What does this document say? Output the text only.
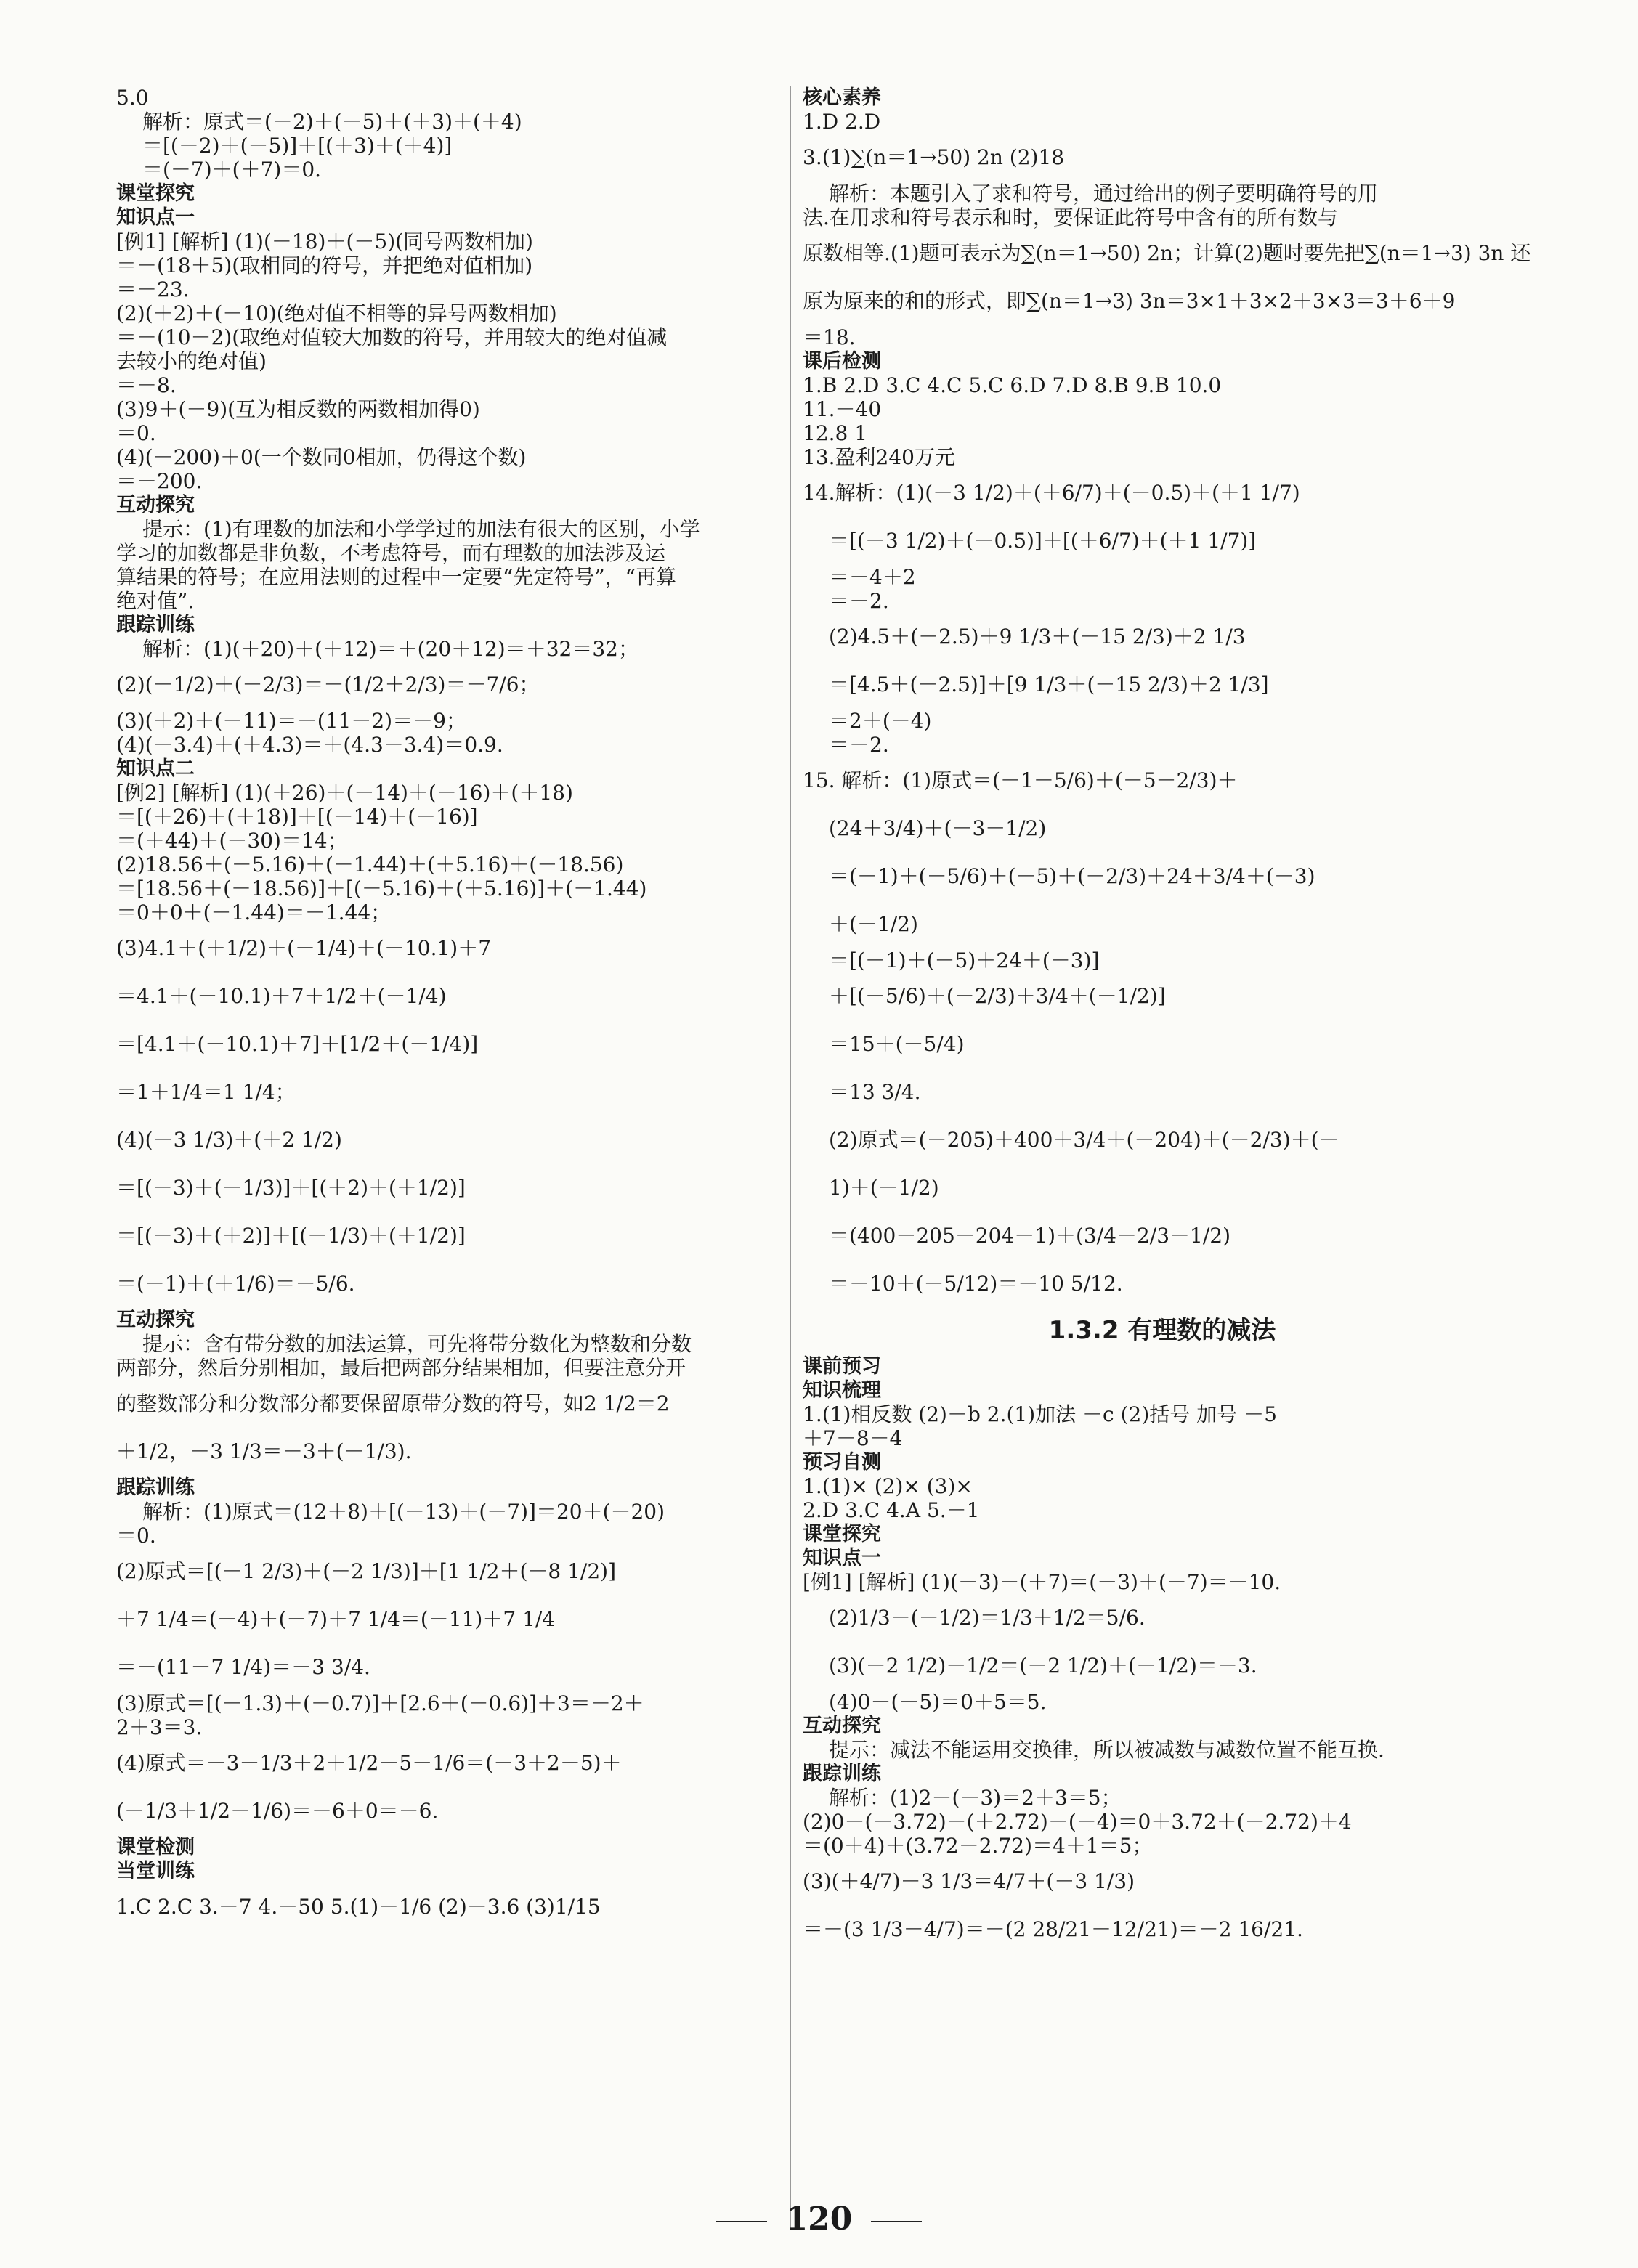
5.0
解析：原式＝(－2)＋(－5)＋(＋3)＋(＋4)
＝[(－2)＋(－5)]＋[(＋3)＋(＋4)]
＝(－7)＋(＋7)＝0.
课堂探究
知识点一
[例1] [解析] (1)(－18)＋(－5)(同号两数相加)
＝－(18＋5)(取相同的符号，并把绝对值相加)
＝－23.
(2)(＋2)＋(－10)(绝对值不相等的异号两数相加)
＝－(10－2)(取绝对值较大加数的符号，并用较大的绝对值减
去较小的绝对值)
＝－8.
(3)9＋(－9)(互为相反数的两数相加得0)
＝0.
(4)(－200)＋0(一个数同0相加，仍得这个数)
＝－200.
互动探究
提示：(1)有理数的加法和小学学过的加法有很大的区别，小学
学习的加数都是非负数，不考虑符号，而有理数的加法涉及运
算结果的符号；在应用法则的过程中一定要“先定符号”，“再算
绝对值”.
跟踪训练
解析：(1)(＋20)＋(＋12)＝＋(20＋12)＝＋32＝32；
(2)(－1/2)＋(－2/3)＝－(1/2＋2/3)＝－7/6；
(3)(＋2)＋(－11)＝－(11－2)＝－9；
(4)(－3.4)＋(＋4.3)＝＋(4.3－3.4)＝0.9.
知识点二
[例2] [解析] (1)(＋26)＋(－14)＋(－16)＋(＋18)
＝[(＋26)＋(＋18)]＋[(－14)＋(－16)]
＝(＋44)＋(－30)＝14；
(2)18.56＋(－5.16)＋(－1.44)＋(＋5.16)＋(－18.56)
＝[18.56＋(－18.56)]＋[(－5.16)＋(＋5.16)]＋(－1.44)
＝0＋0＋(－1.44)＝－1.44；
(3)4.1＋(＋1/2)＋(－1/4)＋(－10.1)＋7
＝4.1＋(－10.1)＋7＋1/2＋(－1/4)
＝[4.1＋(－10.1)＋7]＋[1/2＋(－1/4)]
＝1＋1/4＝1 1/4；
(4)(－3 1/3)＋(＋2 1/2)
＝[(－3)＋(－1/3)]＋[(＋2)＋(＋1/2)]
＝[(－3)＋(＋2)]＋[(－1/3)＋(＋1/2)]
＝(－1)＋(＋1/6)＝－5/6.
互动探究
提示：含有带分数的加法运算，可先将带分数化为整数和分数
两部分，然后分别相加，最后把两部分结果相加，但要注意分开
的整数部分和分数部分都要保留原带分数的符号，如2 1/2＝2
＋1/2，－3 1/3＝－3＋(－1/3).
跟踪训练
解析：(1)原式＝(12＋8)＋[(－13)＋(－7)]＝20＋(－20)
＝0.
(2)原式＝[(－1 2/3)＋(－2 1/3)]＋[1 1/2＋(－8 1/2)]
＋7 1/4＝(－4)＋(－7)＋7 1/4＝(－11)＋7 1/4
＝－(11－7 1/4)＝－3 3/4.
(3)原式＝[(－1.3)＋(－0.7)]＋[2.6＋(－0.6)]＋3＝－2＋
2＋3＝3.
(4)原式＝－3－1/3＋2＋1/2－5－1/6＝(－3＋2－5)＋
(－1/3＋1/2－1/6)＝－6＋0＝－6.
课堂检测
当堂训练
1.C 2.C 3.－7 4.－50 5.(1)－1/6 (2)－3.6 (3)1/15
核心素养
1.D 2.D
3.(1)∑(n＝1→50) 2n (2)18
解析：本题引入了求和符号，通过给出的例子要明确符号的用
法.在用求和符号表示和时，要保证此符号中含有的所有数与
原数相等.(1)题可表示为∑(n＝1→50) 2n；计算(2)题时要先把∑(n＝1→3) 3n 还
原为原来的和的形式，即∑(n＝1→3) 3n＝3×1＋3×2＋3×3＝3＋6＋9
＝18.
课后检测
1.B 2.D 3.C 4.C 5.C 6.D 7.D 8.B 9.B 10.0
11.－40
12.8 1
13.盈利240万元
14.解析：(1)(－3 1/2)＋(＋6/7)＋(－0.5)＋(＋1 1/7)
＝[(－3 1/2)＋(－0.5)]＋[(＋6/7)＋(＋1 1/7)]
＝－4＋2
＝－2.
(2)4.5＋(－2.5)＋9 1/3＋(－15 2/3)＋2 1/3
＝[4.5＋(－2.5)]＋[9 1/3＋(－15 2/3)＋2 1/3]
＝2＋(－4)
＝－2.
15. 解析：(1)原式＝(－1－5/6)＋(－5－2/3)＋
(24＋3/4)＋(－3－1/2)
＝(－1)＋(－5/6)＋(－5)＋(－2/3)＋24＋3/4＋(－3)
＋(－1/2)
＝[(－1)＋(－5)＋24＋(－3)]
＋[(－5/6)＋(－2/3)＋3/4＋(－1/2)]
＝15＋(－5/4)
＝13 3/4.
(2)原式＝(－205)＋400＋3/4＋(－204)＋(－2/3)＋(－
1)＋(－1/2)
＝(400－205－204－1)＋(3/4－2/3－1/2)
＝－10＋(－5/12)＝－10 5/12.
1.3.2 有理数的减法
课前预习
知识梳理
1.(1)相反数 (2)－b 2.(1)加法 －c (2)括号 加号 －5
＋7－8－4
预习自测
1.(1)× (2)× (3)×
2.D 3.C 4.A 5.－1
课堂探究
知识点一
[例1] [解析] (1)(－3)－(＋7)＝(－3)＋(－7)＝－10.
(2)1/3－(－1/2)＝1/3＋1/2＝5/6.
(3)(－2 1/2)－1/2＝(－2 1/2)＋(－1/2)＝－3.
(4)0－(－5)＝0＋5＝5.
互动探究
提示：减法不能运用交换律，所以被减数与减数位置不能互换.
跟踪训练
解析：(1)2－(－3)＝2＋3＝5；
(2)0－(－3.72)－(＋2.72)－(－4)＝0＋3.72＋(－2.72)＋4
＝(0＋4)＋(3.72－2.72)＝4＋1＝5；
(3)(＋4/7)－3 1/3＝4/7＋(－3 1/3)
＝－(3 1/3－4/7)＝－(2 28/21－12/21)＝－2 16/21.
120
